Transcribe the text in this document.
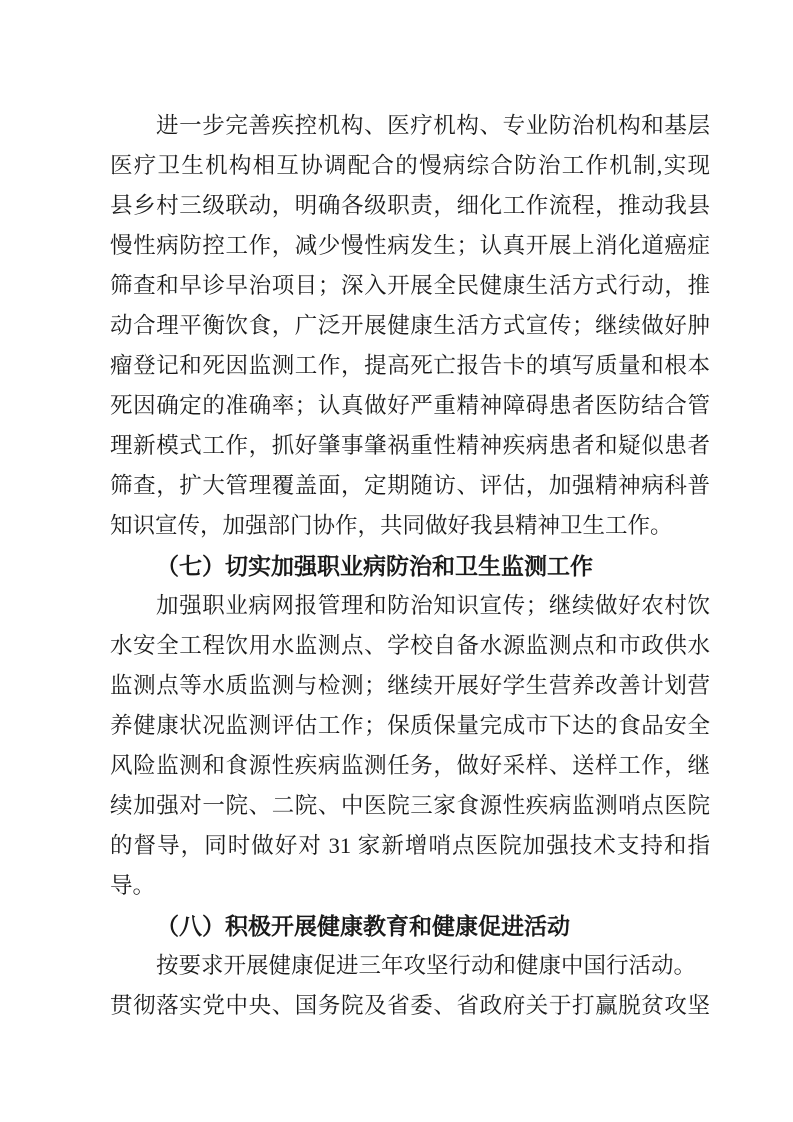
进一步完善疾控机构、医疗机构、专业防治机构和基层
医疗卫生机构相互协调配合的慢病综合防治工作机制,实现
县乡村三级联动，明确各级职责，细化工作流程，推动我县
慢性病防控工作，减少慢性病发生；认真开展上消化道癌症
筛查和早诊早治项目；深入开展全民健康生活方式行动，推
动合理平衡饮食，广泛开展健康生活方式宣传；继续做好肿
瘤登记和死因监测工作，提高死亡报告卡的填写质量和根本
死因确定的准确率；认真做好严重精神障碍患者医防结合管
理新模式工作，抓好肇事肇祸重性精神疾病患者和疑似患者
筛查，扩大管理覆盖面，定期随访、评估，加强精神病科普
知识宣传，加强部门协作，共同做好我县精神卫生工作。
（七）切实加强职业病防治和卫生监测工作
加强职业病网报管理和防治知识宣传；继续做好农村饮
水安全工程饮用水监测点、学校自备水源监测点和市政供水
监测点等水质监测与检测；继续开展好学生营养改善计划营
养健康状况监测评估工作；保质保量完成市下达的食品安全
风险监测和食源性疾病监测任务，做好采样、送样工作，继
续加强对一院、二院、中医院三家食源性疾病监测哨点医院
的督导，同时做好对 31 家新增哨点医院加强技术支持和指
导。
（八）积极开展健康教育和健康促进活动
按要求开展健康促进三年攻坚行动和健康中国行活动。
贯彻落实党中央、国务院及省委、省政府关于打赢脱贫攻坚
